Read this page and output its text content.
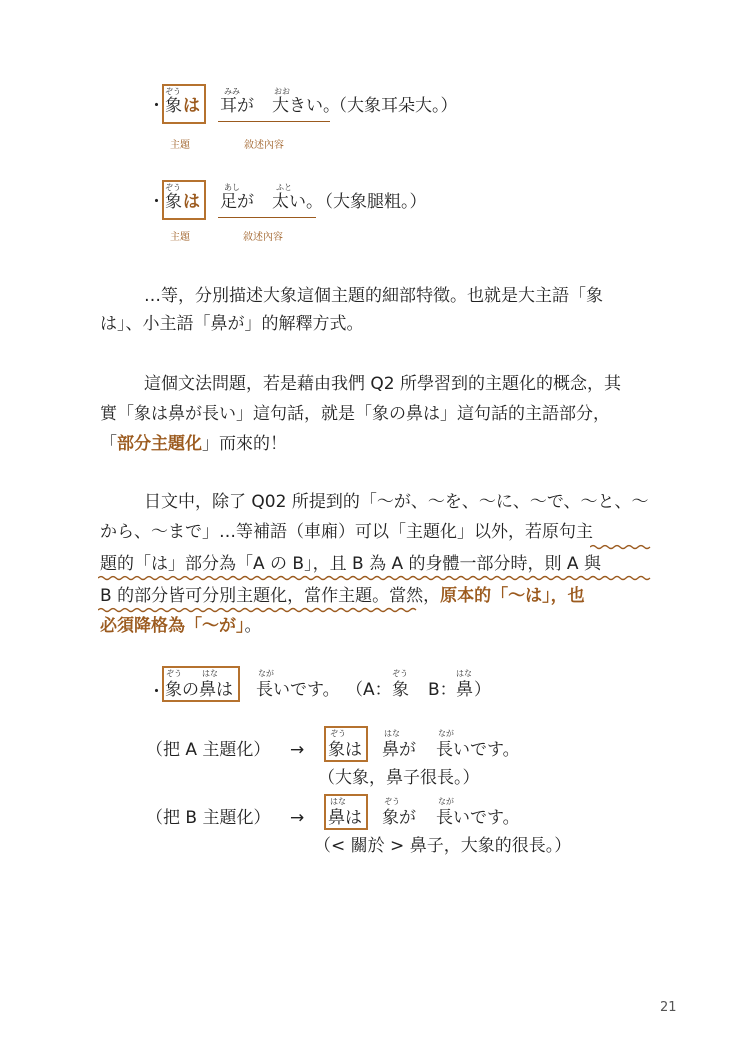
・
ぞう
象 は
みみ
耳が
おお
大きい。
（大象耳朵大。）
主題	敘述內容
・
ぞう
象 は
あし
足が
ふと
太い。
（大象腿粗。）
主題	敘述內容
…等，分別描述大象這個主題的細部特徵。也就是大主語「象
は」、小主語「鼻が」的解釋方式。
這個文法問題，若是藉由我們 Q2 所學習到的主題化的概念，其
實「象は鼻が長い」這句話，就是「象の鼻は」這句話的主語部分，
「部分主題化」而來的！
日文中，除了 Q02 所提到的「～が、～を、～に、～で、～と、～
から、～まで」…等補語（車廂）可以「主題化」以外，若原句主
題的「は」部分為「A の B」，且 B 為 A 的身體一部分時，則 A 與
B 的部分皆可分別主題化，當作主題。當然，原本的「～は」，也
必須降格為「～が」。
・
ぞう	はな
象の鼻は
なが
長いです。 （A：
ぞう
象 B：
はな
鼻 ）
（把 A 主題化） →
ぞう
象は
はな
鼻が
なが
長いです。
（大象，鼻子很長。）
（把 B 主題化） →
はな
鼻は
ぞう
象が
なが
長いです。
（< 關於 > 鼻子，大象的很長。）
21
